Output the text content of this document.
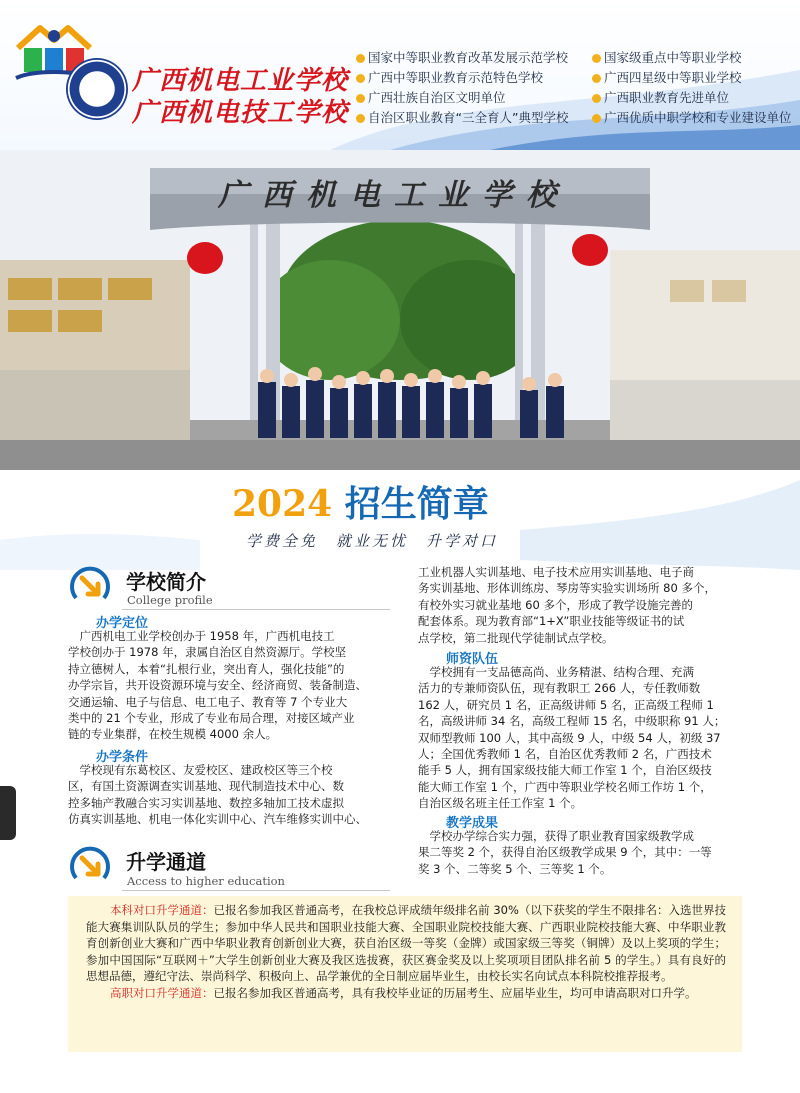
广西机电工业学校
广西机电技工学校
国家中等职业教育改革发展示范学校	国家级重点中等职业学校
广西中等职业教育示范特色学校	广西四星级中等职业学校
广西壮族自治区文明单位	广西职业教育先进单位
自治区职业教育“三全育人”典型学校	广西优质中职学校和专业建设单位
广西机电工业学校
2024 招生简章
学费全免　就业无忧　升学对口
学校简介
College profile
办学定位
　广西机电工业学校创办于 1958 年，广西机电技工
学校创办于 1978 年，隶属自治区自然资源厅。学校坚
持立德树人，本着“扎根行业，突出育人，强化技能”的
办学宗旨，共开设资源环境与安全、经济商贸、装备制造、
交通运输、电子与信息、电工电子、教育等 7 个专业大
类中的 21 个专业，形成了专业布局合理，对接区域产业
链的专业集群，在校生规模 4000 余人。
办学条件
　学校现有东葛校区、友爱校区、建政校区等三个校
区，有国土资源调查实训基地、现代制造技术中心、数
控多轴产教融合实习实训基地、数控多轴加工技术虚拟
仿真实训基地、机电一体化实训中心、汽车维修实训中心、
工业机器人实训基地、电子技术应用实训基地、电子商
务实训基地、形体训练房、琴房等实验实训场所 80 多个，
有校外实习就业基地 60 多个，形成了教学设施完善的
配套体系。现为教育部“1+X”职业技能等级证书的试
点学校，第二批现代学徒制试点学校。
师资队伍
　学校拥有一支品德高尚、业务精湛、结构合理、充满
活力的专兼师资队伍，现有教职工 266 人，专任教师数
162 人，研究员 1 名，正高级讲师 5 名，正高级工程师 1
名，高级讲师 34 名，高级工程师 15 名，中级职称 91 人；
双师型教师 100 人，其中高级 9 人，中级 54 人，初级 37
人；全国优秀教师 1 名，自治区优秀教师 2 名，广西技术
能手 5 人，拥有国家级技能大师工作室 1 个，自治区级技
能大师工作室 1 个，广西中等职业学校名师工作坊 1 个，
自治区级名班主任工作室 1 个。
教学成果
　学校办学综合实力强，获得了职业教育国家级教学成
果二等奖 2 个，获得自治区级教学成果 9 个，其中：一等
奖 3 个、二等奖 5 个、三等奖 1 个。
升学通道
Access to higher education
本科对口升学通道：已报名参加我区普通高考，在我校总评成绩年级排名前 30%（以下获奖的学生不限排名：入选世界技能大赛集训队队员的学生；参加中华人民共和国职业技能大赛、全国职业院校技能大赛、广西职业院校技能大赛、中华职业教育创新创业大赛和广西中华职业教育创新创业大赛，获自治区级一等奖（金牌）或国家级三等奖（铜牌）及以上奖项的学生；参加中国国际“互联网＋”大学生创新创业大赛及我区选拔赛，获区赛金奖及以上奖项项目团队排名前 5 的学生。）具有良好的思想品德，遵纪守法、崇尚科学、积极向上、品学兼优的全日制应届毕业生，由校长实名向试点本科院校推荐报考。
高职对口升学通道：已报名参加我区普通高考，具有我校毕业证的历届考生、应届毕业生，均可申请高职对口升学。
